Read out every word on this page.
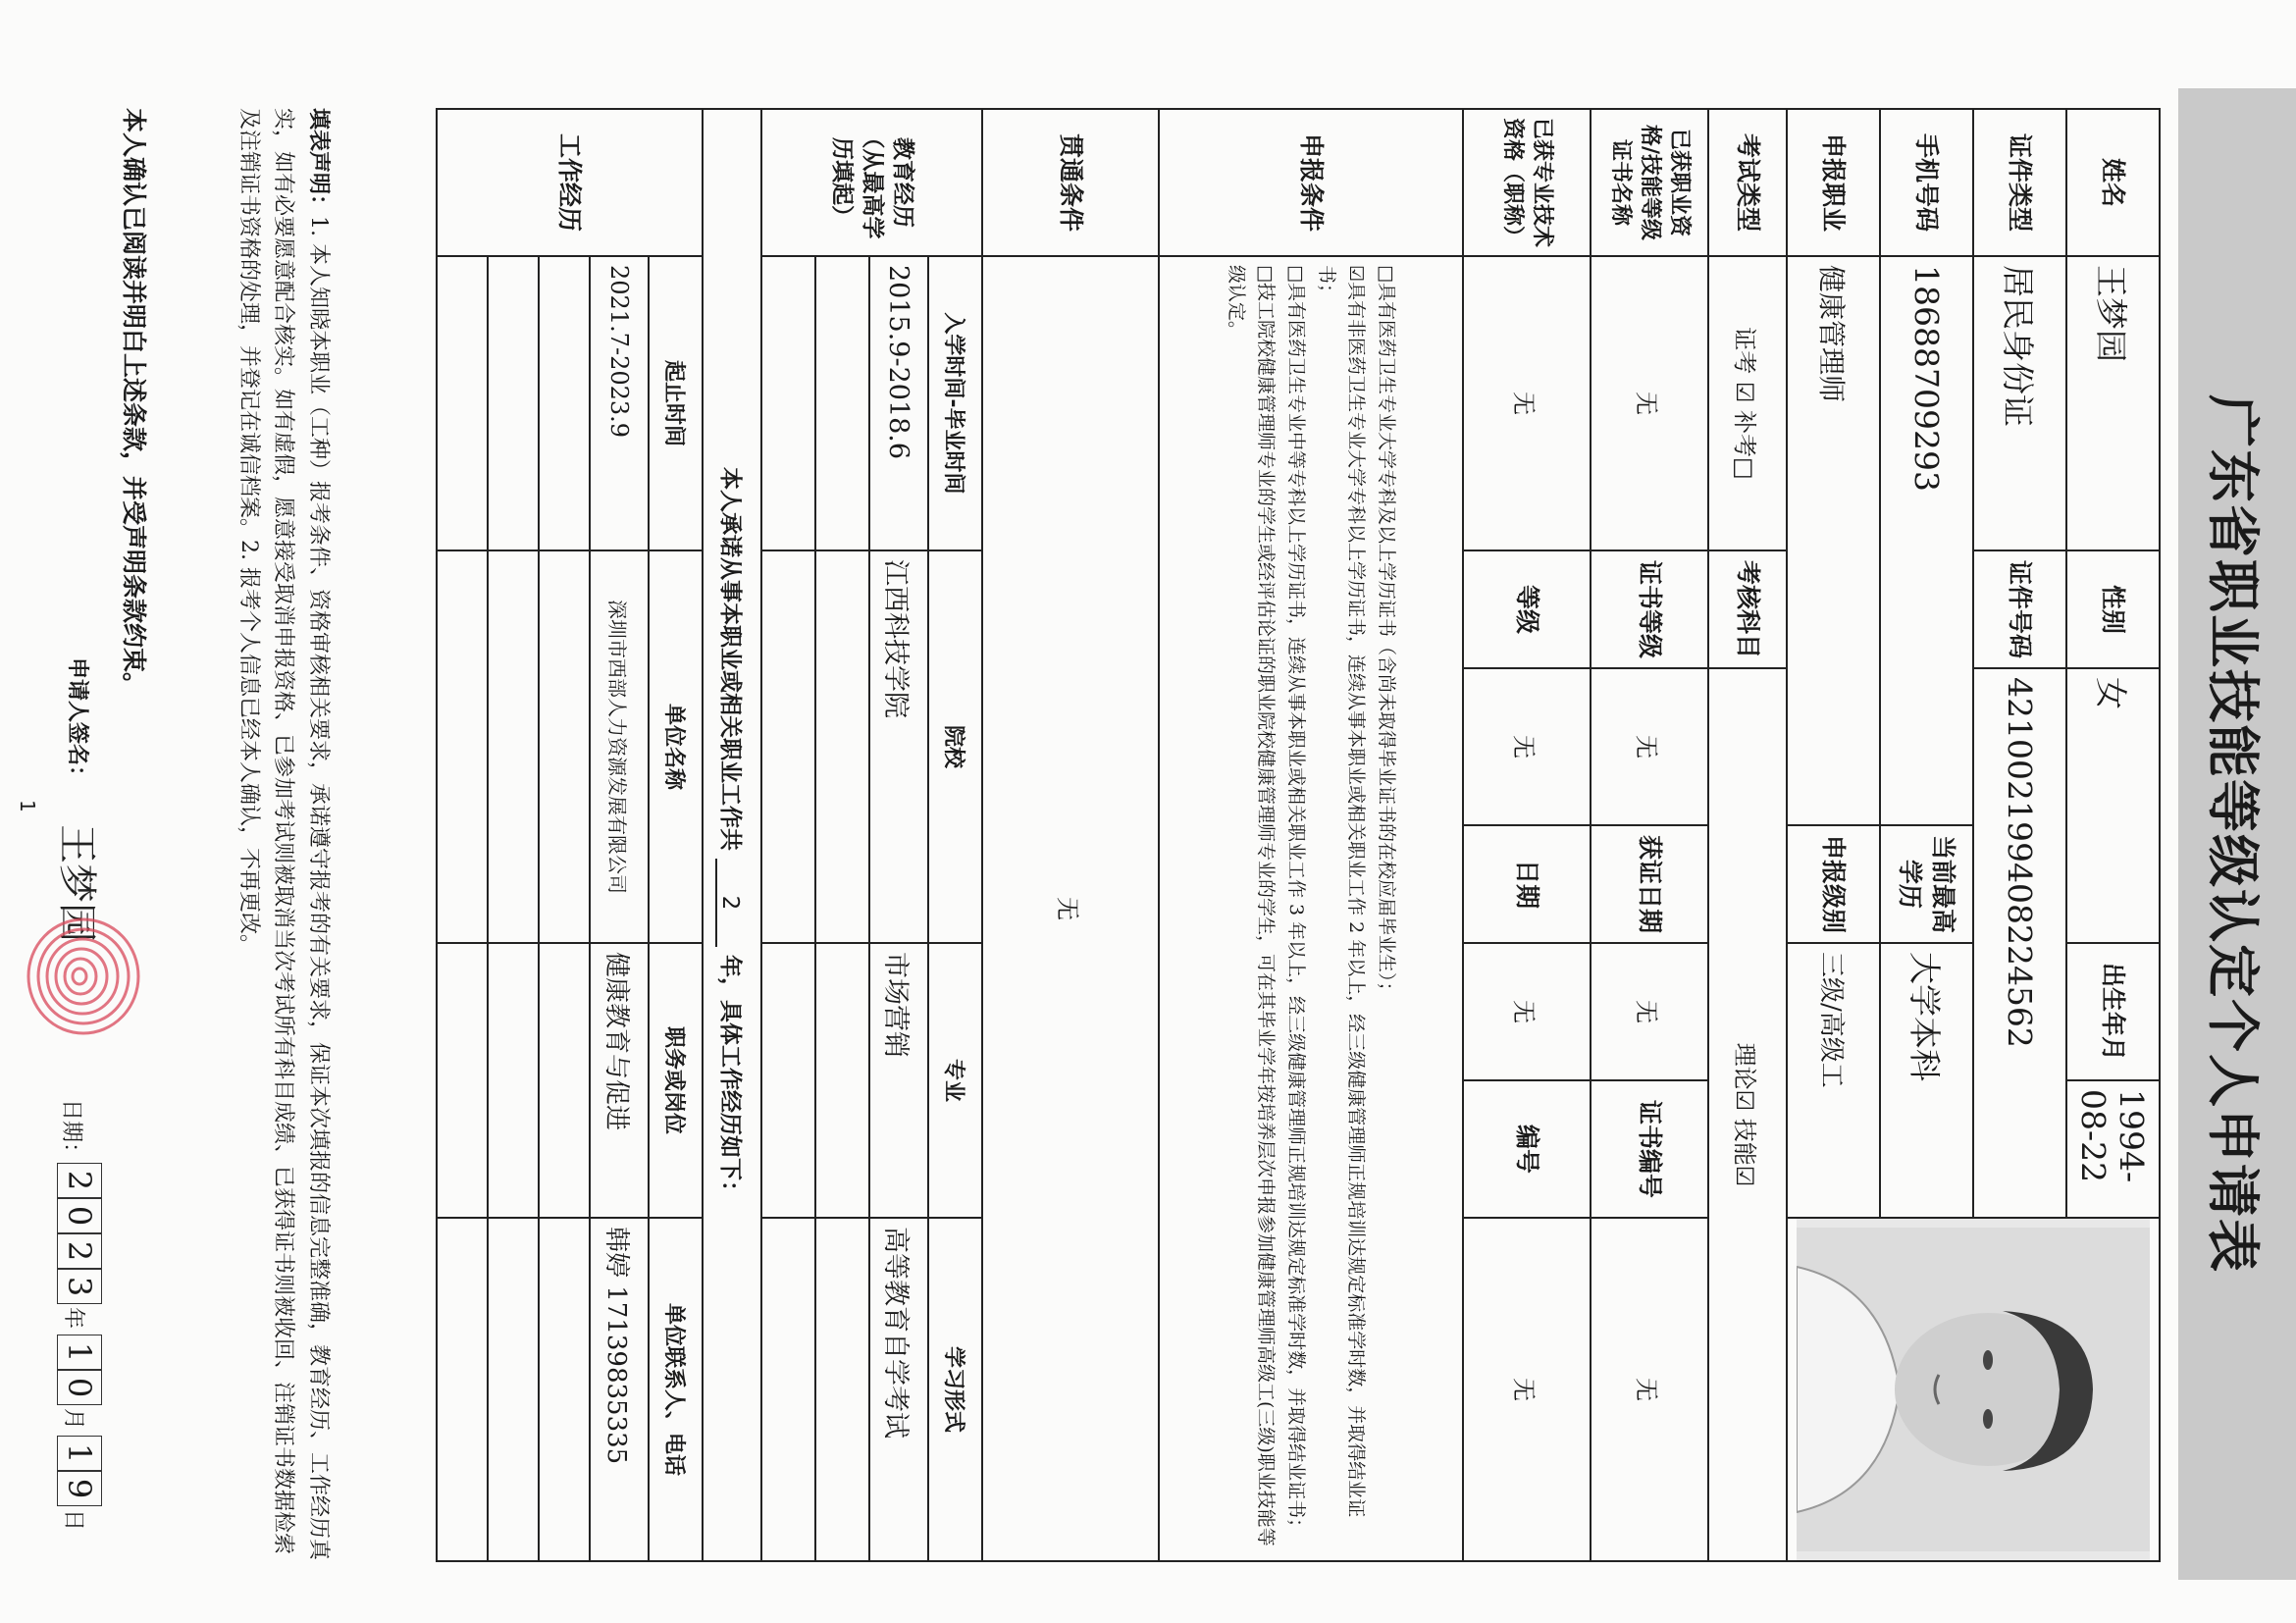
广东省职业技能等级认定个人申请表
姓名	王梦园	性别	女		出生年月	1994-08-22	

证件类型	居民身份证	证件号码	421002199408224562				
手机号码	18688709293			当前最高学历	大学本科		
申报职业	健康管理师			申报级别	三级/高级工		
考试类型	证考 ☑ 补考□	考核科目	理论☑ 技能☑				
已获职业资格/技能等级证书名称	无	证书等级	无	获证日期	无	证书编号	无
已获专业技术资格（职称）	无	等级	无	日期	无	编号	无
申报条件	□具有医药卫生专业大学专科及以上学历证书（含尚未取得毕业证书的在校应届毕业生）；

☑具有非医药卫生专业大学专科以上学历证书，连续从事本职业或相关职业工作 2 年以上，经三级健康管理师正规培训达规定标准学时数，并取得结业证书；

□具有医药卫生专业中等专科以上学历证书，连续从事本职业或相关职业工作 3 年以上，经三级健康管理师正规培训达规定标准学时数，并取得结业证书；

□技工院校健康管理师专业的学生或经评估论证的职业院校健康管理师专业的学生，可在其毕业学年按培养层次申报参加健康管理师高级工(三级)职业技能等级认定。						

贯通条件	无						
教育经历（从最高学历填起）	入学时间-毕业时间	院校			专业		学习形式
	2015.9-2018.6	江西科技学院			市场营销		高等教育自学考试

本人承诺从事本职业或相关职业工作共 2 年，具体工作经历如下：							
工作经历	起止时间	单位名称			职务或岗位		单位联系人、电话
	2021.7-2023.9	深圳市西部人力资源发展有限公司			健康教育与促进		韩婷 17139835335

填表声明：1. 本人知晓本职业（工种）报考条件、资格审核相关要求，承诺遵守报考的有关要求，保证本次填报的信息完整准确，教育经历、工作经历真实，如有必要愿意配合核实。如有虚假，愿意接受取消申报资格、已参加考试则被取消当次考试所有科目成绩、已获得证书则被收回、注销证书数据检索及注销证书资格的处理，并登记在诚信档案。2. 报考个人信息已经本人确认，不再更改。
本人确认已阅读并明白上述条款，并受声明条款约束。
申请人签名：
王梦园
日期：
2
0
2
3
年
1
0
月
1
9
日
1
